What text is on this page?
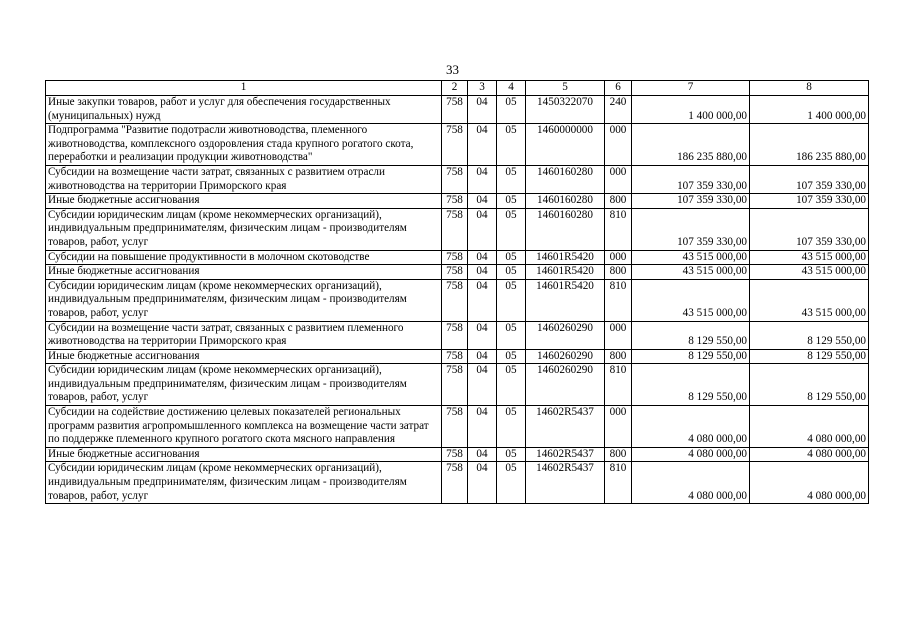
33
1	2	3	4	5	6	7	8
Иные закупки товаров, работ и услуг для обеспечения государственных (муниципальных) нужд	758	04	05	1450322070	240	1 400 000,00	1 400 000,00
Подпрограмма "Развитие подотрасли животноводства, племенного животноводства, комплексного оздоровления стада крупного рогатого скота, переработки и реализации продукции животноводства"	758	04	05	1460000000	000	186 235 880,00	186 235 880,00
Субсидии на возмещение части затрат, связанных с развитием отрасли животноводства на территории Приморского края	758	04	05	1460160280	000	107 359 330,00	107 359 330,00
Иные бюджетные ассигнования	758	04	05	1460160280	800	107 359 330,00	107 359 330,00
Субсидии юридическим лицам (кроме некоммерческих организаций), индивидуальным предпринимателям, физическим лицам - производителям товаров, работ, услуг	758	04	05	1460160280	810	107 359 330,00	107 359 330,00
Субсидии на повышение продуктивности в молочном скотоводстве	758	04	05	14601R5420	000	43 515 000,00	43 515 000,00
Иные бюджетные ассигнования	758	04	05	14601R5420	800	43 515 000,00	43 515 000,00
Субсидии юридическим лицам (кроме некоммерческих организаций), индивидуальным предпринимателям, физическим лицам - производителям товаров, работ, услуг	758	04	05	14601R5420	810	43 515 000,00	43 515 000,00
Субсидии на возмещение части затрат, связанных с развитием племенного животноводства на территории Приморского края	758	04	05	1460260290	000	8 129 550,00	8 129 550,00
Иные бюджетные ассигнования	758	04	05	1460260290	800	8 129 550,00	8 129 550,00
Субсидии юридическим лицам (кроме некоммерческих организаций), индивидуальным предпринимателям, физическим лицам - производителям товаров, работ, услуг	758	04	05	1460260290	810	8 129 550,00	8 129 550,00
Субсидии на содействие достижению целевых показателей региональных программ развития агропромышленного комплекса на возмещение части затрат по поддержке племенного крупного рогатого скота мясного направления	758	04	05	14602R5437	000	4 080 000,00	4 080 000,00
Иные бюджетные ассигнования	758	04	05	14602R5437	800	4 080 000,00	4 080 000,00
Субсидии юридическим лицам (кроме некоммерческих организаций), индивидуальным предпринимателям, физическим лицам - производителям товаров, работ, услуг	758	04	05	14602R5437	810	4 080 000,00	4 080 000,00
